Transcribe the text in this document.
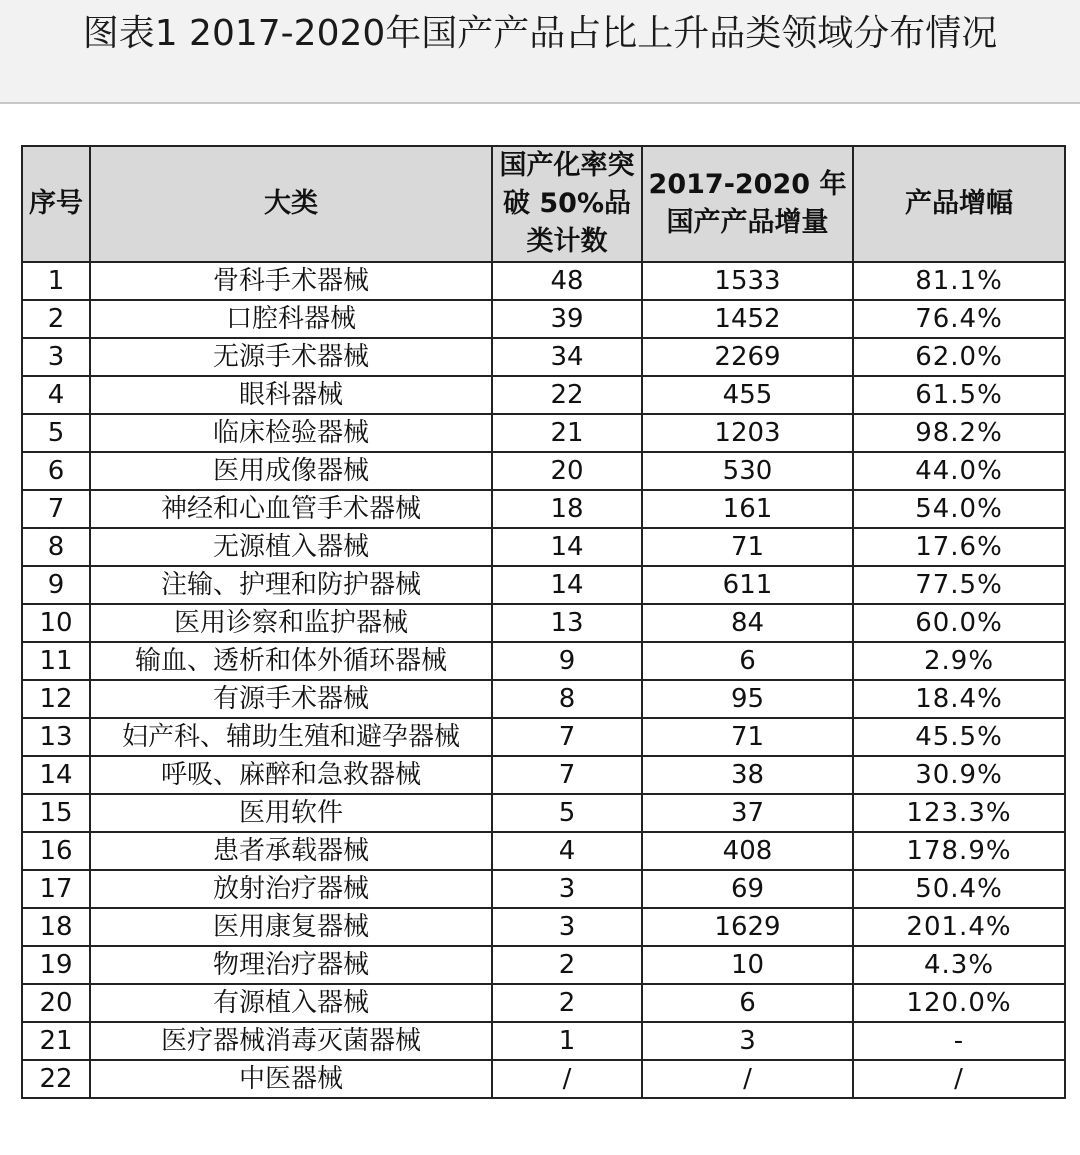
图表1 2017-2020年国产产品占比上升品类领域分布情况
序号	大类	国产化率突破 50%品类计数	2017-2020 年国产产品增量	产品增幅
1	骨科手术器械	48	1533	81.1%
2	口腔科器械	39	1452	76.4%
3	无源手术器械	34	2269	62.0%
4	眼科器械	22	455	61.5%
5	临床检验器械	21	1203	98.2%
6	医用成像器械	20	530	44.0%
7	神经和心血管手术器械	18	161	54.0%
8	无源植入器械	14	71	17.6%
9	注输、护理和防护器械	14	611	77.5%
10	医用诊察和监护器械	13	84	60.0%
11	输血、透析和体外循环器械	9	6	2.9%
12	有源手术器械	8	95	18.4%
13	妇产科、辅助生殖和避孕器械	7	71	45.5%
14	呼吸、麻醉和急救器械	7	38	30.9%
15	医用软件	5	37	123.3%
16	患者承载器械	4	408	178.9%
17	放射治疗器械	3	69	50.4%
18	医用康复器械	3	1629	201.4%
19	物理治疗器械	2	10	4.3%
20	有源植入器械	2	6	120.0%
21	医疗器械消毒灭菌器械	1	3	-
22	中医器械	/	/	/
